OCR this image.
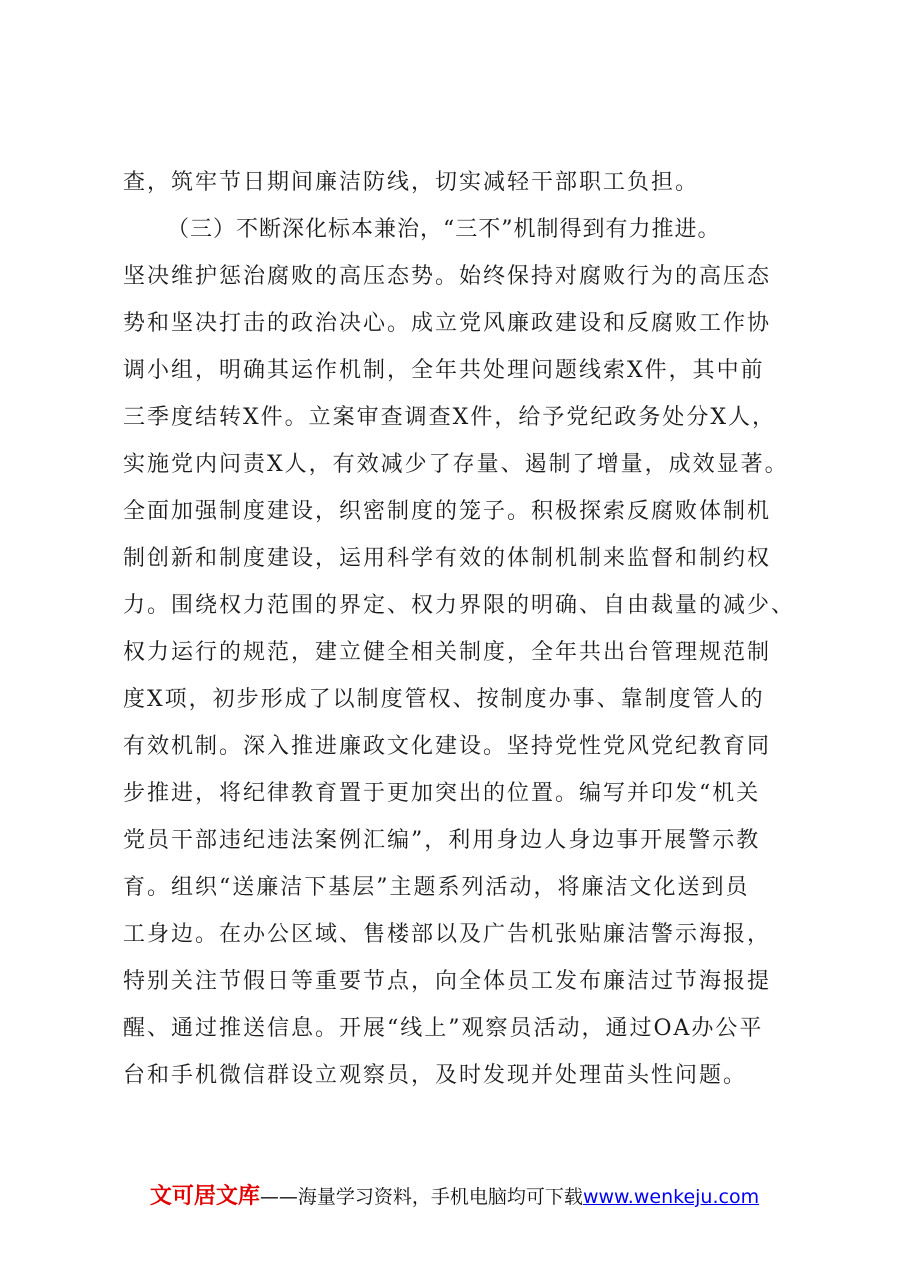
查，筑牢节日期间廉洁防线，切实减轻干部职工负担。
（三）不断深化标本兼治，“三不”机制得到有力推进。
坚决维护惩治腐败的高压态势。始终保持对腐败行为的高压态
势和坚决打击的政治决心。成立党风廉政建设和反腐败工作协
调小组，明确其运作机制，全年共处理问题线索X件，其中前
三季度结转X件。立案审查调查X件，给予党纪政务处分X人，
实施党内问责X人，有效减少了存量、遏制了增量，成效显著。
全面加强制度建设，织密制度的笼子。积极探索反腐败体制机
制创新和制度建设，运用科学有效的体制机制来监督和制约权
力。围绕权力范围的界定、权力界限的明确、自由裁量的减少、
权力运行的规范，建立健全相关制度，全年共出台管理规范制
度X项，初步形成了以制度管权、按制度办事、靠制度管人的
有效机制。深入推进廉政文化建设。坚持党性党风党纪教育同
步推进，将纪律教育置于更加突出的位置。编写并印发“机关
党员干部违纪违法案例汇编”，利用身边人身边事开展警示教
育。组织“送廉洁下基层”主题系列活动，将廉洁文化送到员
工身边。在办公区域、售楼部以及广告机张贴廉洁警示海报，
特别关注节假日等重要节点，向全体员工发布廉洁过节海报提
醒、通过推送信息。开展“线上”观察员活动，通过OA办公平
台和手机微信群设立观察员，及时发现并处理苗头性问题。
文可居文库——海量学习资料，手机电脑均可下载www.wenkeju.com
